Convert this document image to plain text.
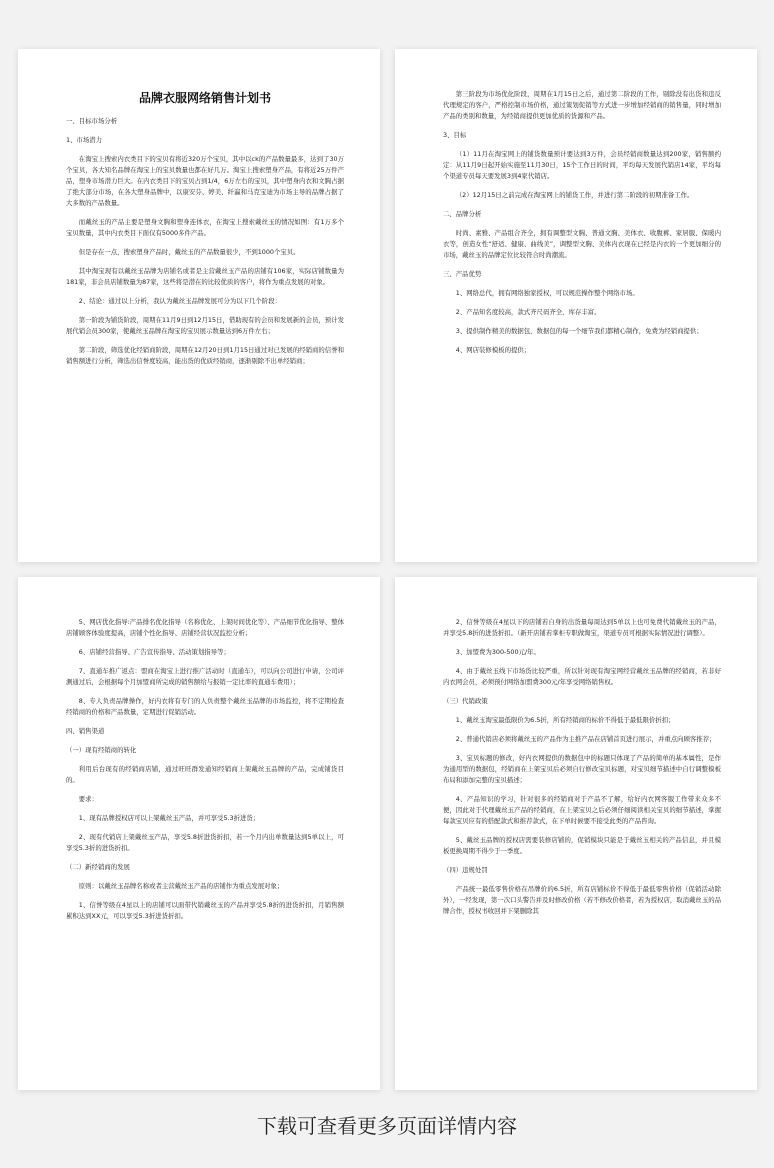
品牌衣服网络销售计划书
一、目标市场分析
1、市场潜力
在淘宝上搜索内衣类目下的宝贝有将近320万个宝贝，其中以ck的产品数量最多，达到了30万个宝贝，各大知名品牌在淘宝上的宝贝数量也都在好几万。淘宝上搜索塑身产品，有将近25万件产品，塑身市场潜力巨大。在内衣类目下的宝贝占到1/4，6万左右的宝贝，其中塑身内衣和文胸占据了绝大部分市场，在各大塑身品牌中，以康安芬、婷美、纤瀛和马克宝迪为市场主导的品牌占据了大多数的产品数量。
而戴丝玉的产品主要是塑身文胸和塑身连体衣，在淘宝上搜索戴丝玉的情况如图：有1万多个宝贝数量，其中内衣类目下面仅有5000多件产品。
但是存在一点，搜索塑身产品时，戴丝玉的产品数量很少，不到1000个宝贝。
其中淘宝现有以戴丝玉品牌为店铺名或者是主营戴丝玉产品的店铺有106家，实际店铺数量为181家，非会员店铺数量为87家，这些将是潜在的比较优质的客户，将作为重点发展的对象。
2、结论：通过以上分析，我认为戴丝玉品牌发展可分为以下几个阶段：
第一阶段为铺货阶段，周期在11月9日到12月15日，借助现有的会员和发展新的会员，预计发展代销会员300家，使戴丝玉品牌在淘宝的宝贝展示数量达到6万件左右；
第二阶段，筛选优化经销商阶段，周期在12月20日到1月15日通过对已发展的经销商的信誉和销售额进行分析，筛选出信誉度较高，能出货的优质经销商，逐渐剔除不出单经销商；
第三阶段为市场优化阶段，周期在1月15日之后，通过第二阶段的工作，剔除没有出货和违反代理规定的客户，严格控制市场价格，通过策划促销等方式进一步增加经销商的销售量，同时增加产品的类别和数量，为经销商提供更加优质的货源和产品。
3、目标
（1）11月在淘宝网上的铺货数量预计要达到3万件，会员经销商数量达到200家，销售额约定：从11月9日起开始实施至11月30日，15个工作日的时间，平均每天发展代销店14家，平均每个渠道专员每天要发展3到4家代销店。
（2）12月15日之前完成在淘宝网上的铺货工作，并进行第二阶段的初期准备工作。
二、品牌分析
时尚、素雅、产品组合齐全，拥有调整型文胸、普通文胸、美体衣、收腹裤、家居服、保暖内衣等，创造女性“舒适、健康、曲线美”，调整型文胸、美体内衣现在已经是内衣的一个更加细分的市场，戴丝玉的品牌定位比较符合时尚潮流。
三、产品优势
1、网络总代，拥有网络独家授权，可以规范操作整个网络市场。
2、产品知名度较高，款式齐尺码齐全，库存丰富。
3、提供制作精美的数据包，数据包的每一个细节我们都精心制作，免费为经销商提供；
4、网店装修模板的提供；
5、网店优化指导:产品排名优化指导（名称优化、上架时间优化等）、产品细节优化指导、整体店铺顾客体验度提高，店铺个性化指导、店铺经营状况监控分析；
6、店铺经营指导、广告宣传指导、活动策划指导等；
7、直通车推广返点：盟商在淘宝上进行推广活动时（直通车），可以向公司进行申请，公司评测通过后，会根据每个月加盟商所完成的销售额给与报销一定比率的直通车费用）；
8、专人负责品牌操作，好内衣将有专门的人负责整个戴丝玉品牌的市场监控，将不定期检查经销商的价格和产品数量，定期进行促销活动。
四、销售渠道
（一）现有经销商的转化
利用后台现有的经销商店铺，通过旺旺群发通知经销商上架戴丝玉品牌的产品，完成铺货目的。
要求：
1、现有品牌授权店可以上架戴丝玉产品，并可享受5.3折进货；
2、现有代销店上架戴丝玉产品，享受5.8折进货折扣，若一个月内出单数量达到5单以上，可享受5.3折的进货折扣。
（二）新经销商的发展
原则：以戴丝玉品牌名称或者主营戴丝玉产品的店铺作为重点发展对象；
1、信誉等级在4星以上的店铺可以面带代销戴丝玉的产品并享受5.8折的进货折扣，月销售额累积达到XX元，可以享受5.3折进货折扣。
2、信誉等级在4星以下的店铺若自身的出货量每周达到5单以上也可免费代销戴丝玉的产品，并享受5.8折的进货折扣。（新开店铺若掌柜专职做淘宝，渠道专员可根据实际情况进行调整）。
3、加盟费为300-500元/年。
4、由于戴丝玉线下市场货比较严重，所以针对现有淘宝网经营戴丝玉品牌的经销商，若非好内衣网会员，必须预付网络加盟费300元/年享受网络销售权。
（三）代销政策
1、戴丝玉淘宝最低限价为6.5折，所有经销商的标价不得低于最低限价折扣；
2、普通代销店必须将戴丝玉的产品作为主推产品在店铺首页进行展示，并重点向顾客推荐；
3、宝贝标题的修改，好内衣网提供的数据包中的标题只体现了产品的简单的基本属性，是作为通用型的数据包，经销商在上架宝贝后必须自行修改宝贝标题，对宝贝细节描述中自行调整模板布局和添加完整的宝贝描述；
4、产品知识的学习，针对很多的经销商对于产品不了解，给好内衣网客服工作带来众多不便，因此对于代理戴丝玉产品的经销商，在上架宝贝之后必须仔细阅读相关宝贝的细节描述，掌握每款宝贝应有的搭配款式和推荐款式，在下单时候要不接受此类的产品咨询。
5、戴丝玉品牌的授权店需要装修店铺的，促销模块只能是于戴丝玉相关的产品信息，并且模板更换周期不得少于一季度。
（四）违规处罚
产品统一最低零售价格在吊牌价的6.5折，所有店铺标价不得低于最低零售价格（促销活动除外），一经发现，第一次口头警告并及时修改价格（若不修改价格者，若为授权店，取消戴丝玉的品牌合作，授权书收回并下架删除其
下载可查看更多页面详情内容
